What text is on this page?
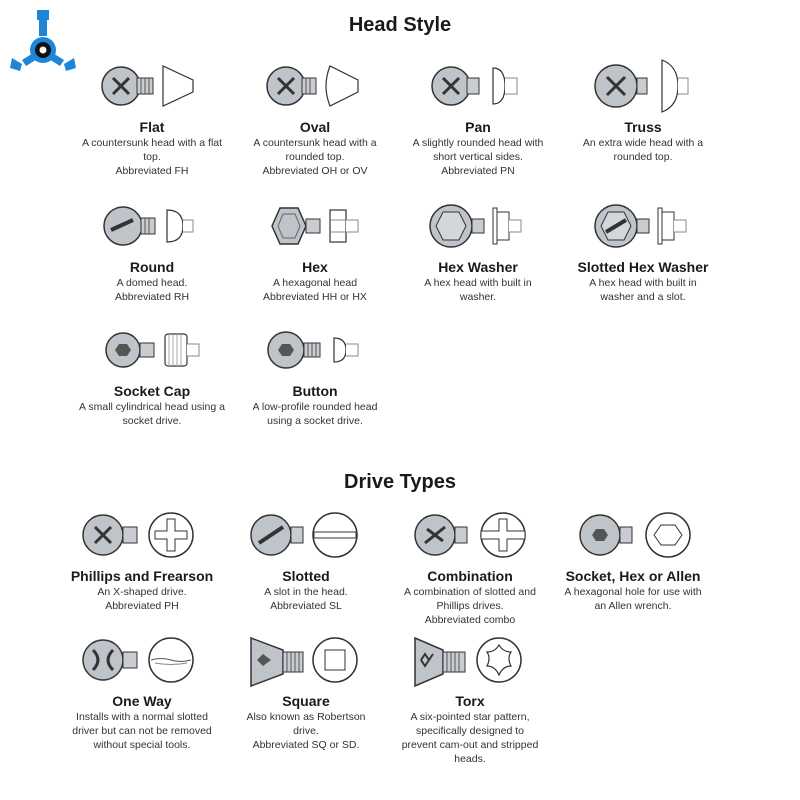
Head Style
Flat

A countersunk head with a flat
top.
Abbreviated FH

Oval

A countersunk head with a
rounded top.
Abbreviated OH or OV

Pan

A slightly rounded head with
short vertical sides.
Abbreviated PN

Truss

An extra wide head with a
rounded top.

Round

A domed head.
Abbreviated RH

Hex

A hexagonal head
Abbreviated HH or HX

Hex Washer

A hex head with built in
washer.

Slotted Hex Washer

A hex head with built in
washer and a slot.

Socket Cap

A small cylindrical head using a
socket drive.

Button

A low-profile rounded head
using a socket drive.

Drive Types
Phillips and Frearson

An X-shaped drive.
Abbreviated PH

Slotted

A slot in the head.
Abbreviated SL

Combination

A combination of slotted and
Phillips drives.
Abbreviated combo

Socket, Hex or Allen

A hexagonal hole for use with
an Allen wrench.

One Way

Installs with a normal slotted
driver but can not be removed
without special tools.

Square

Also known as Robertson
drive.
Abbreviated SQ or SD.

Torx

A six-pointed star pattern,
specifically designed to
prevent cam-out and stripped
heads.
